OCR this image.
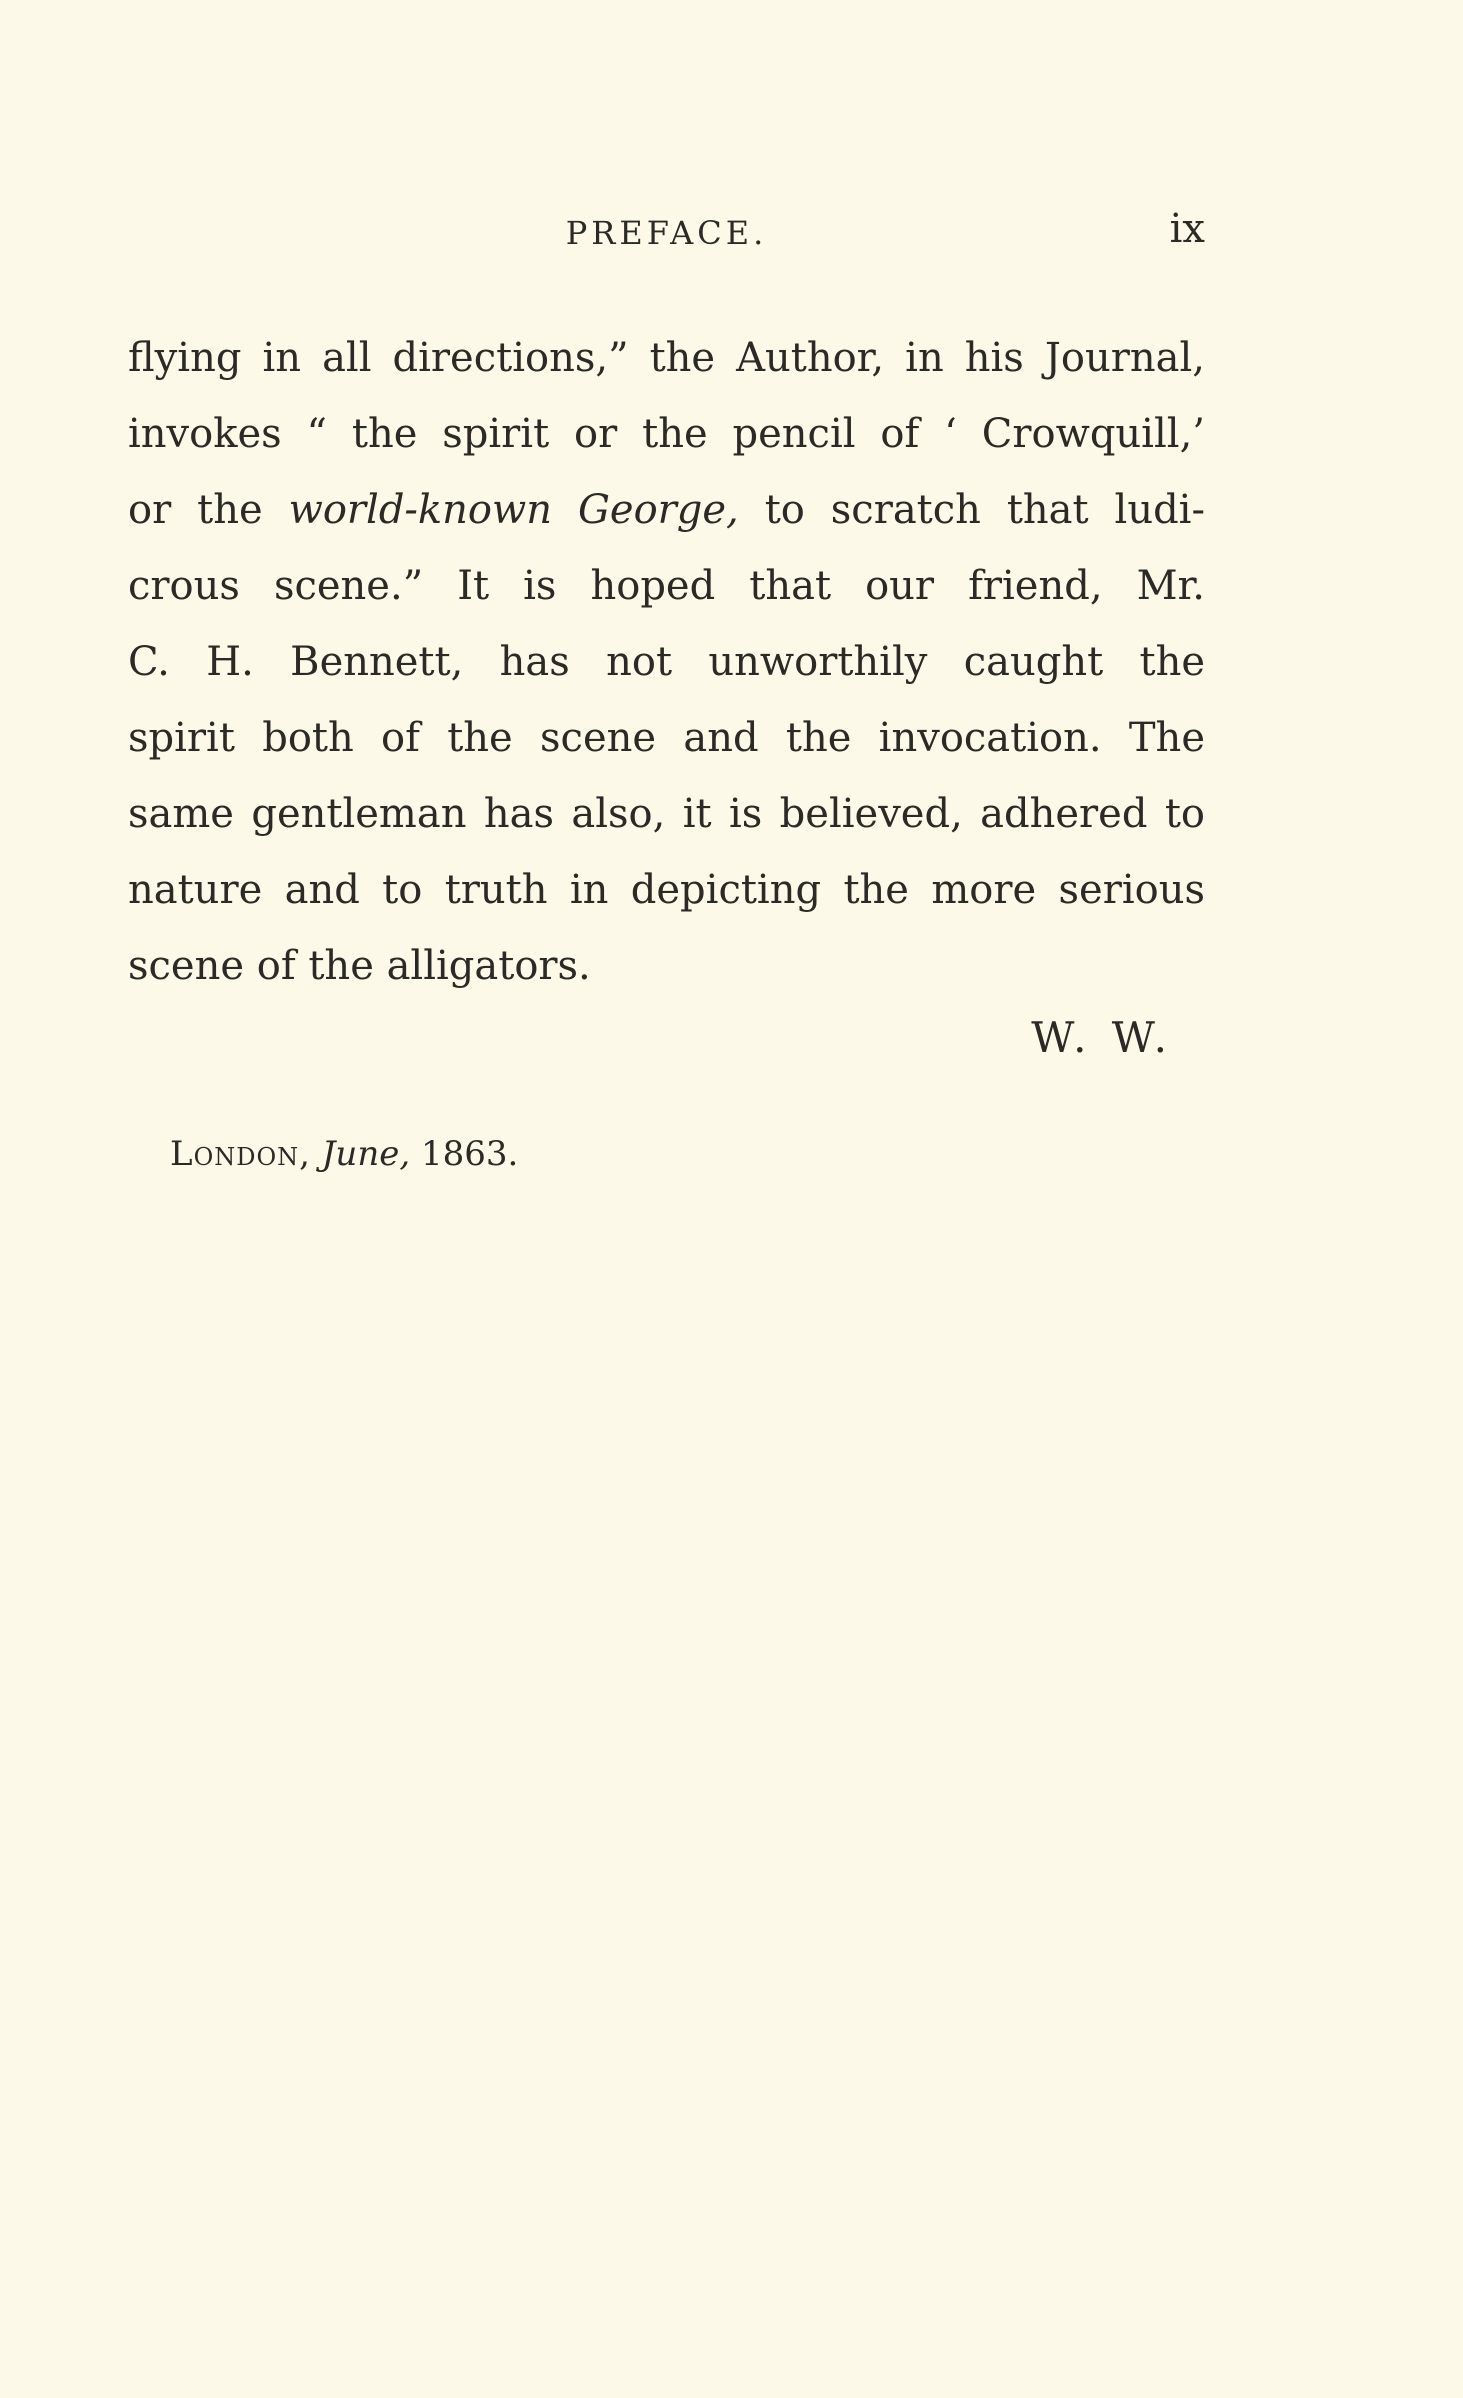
PREFACE.	ix
flying in all directions,” the Author, in his Journal,
invokes “ the spirit or the pencil of ‘ Crowquill,’
or the world-known George, to scratch that ludi-
crous scene.” It is hoped that our friend, Mr.
C. H. Bennett, has not unworthily caught the
spirit both of the scene and the invocation. The
same gentleman has also, it is believed, adhered to
nature and to truth in depicting the more serious
scene of the alligators.
W. W.
London, June, 1863.
